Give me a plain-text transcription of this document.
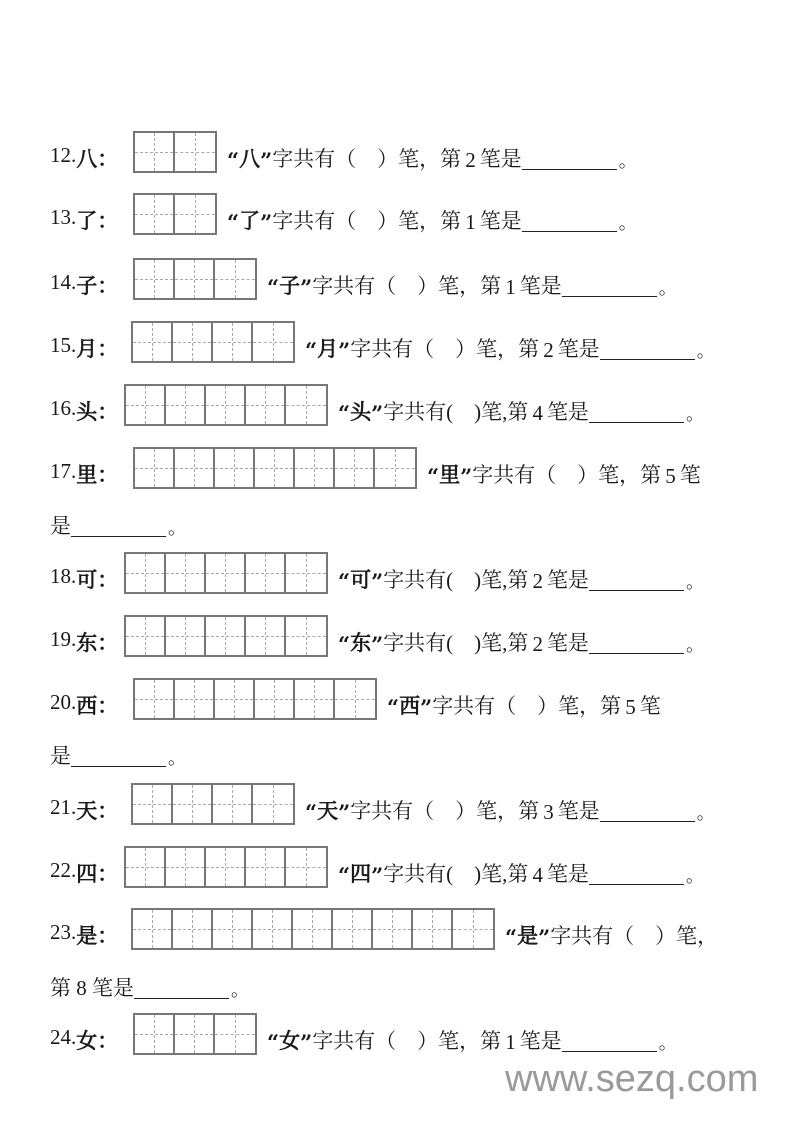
12. 八 ：	“ 八 ” 字共有（　）笔，第 2 笔是	。
13. 了 ：	“ 了 ” 字共有（　）笔，第 1 笔是	。
14. 子 ：	“ 子 ” 字共有（　）笔，第 1 笔是	。
15. 月 ：	“ 月 ” 字共有（　）笔，第 2 笔是	。
16. 头 ：	“ 头 ” 字共有(　)笔,第 4 笔是	。
17. 里 ：	“ 里 ” 字共有（　）笔，第 5 笔
是	。
18. 可 ：	“ 可 ” 字共有(　)笔,第 2 笔是	。
19. 东 ：	“ 东 ” 字共有(　)笔,第 2 笔是	。
20. 西 ：	“ 西 ” 字共有（　）笔，第 5 笔
是	。
21. 天 ：	“ 天 ” 字共有（　）笔，第 3 笔是	。
22. 四 ：	“ 四 ” 字共有(　)笔,第 4 笔是	。
23. 是 ：	“ 是 ” 字共有（　）笔，
第 8 笔是	。
24. 女 ：	“ 女 ” 字共有（　）笔，第 1 笔是	。
www.sezq.com
